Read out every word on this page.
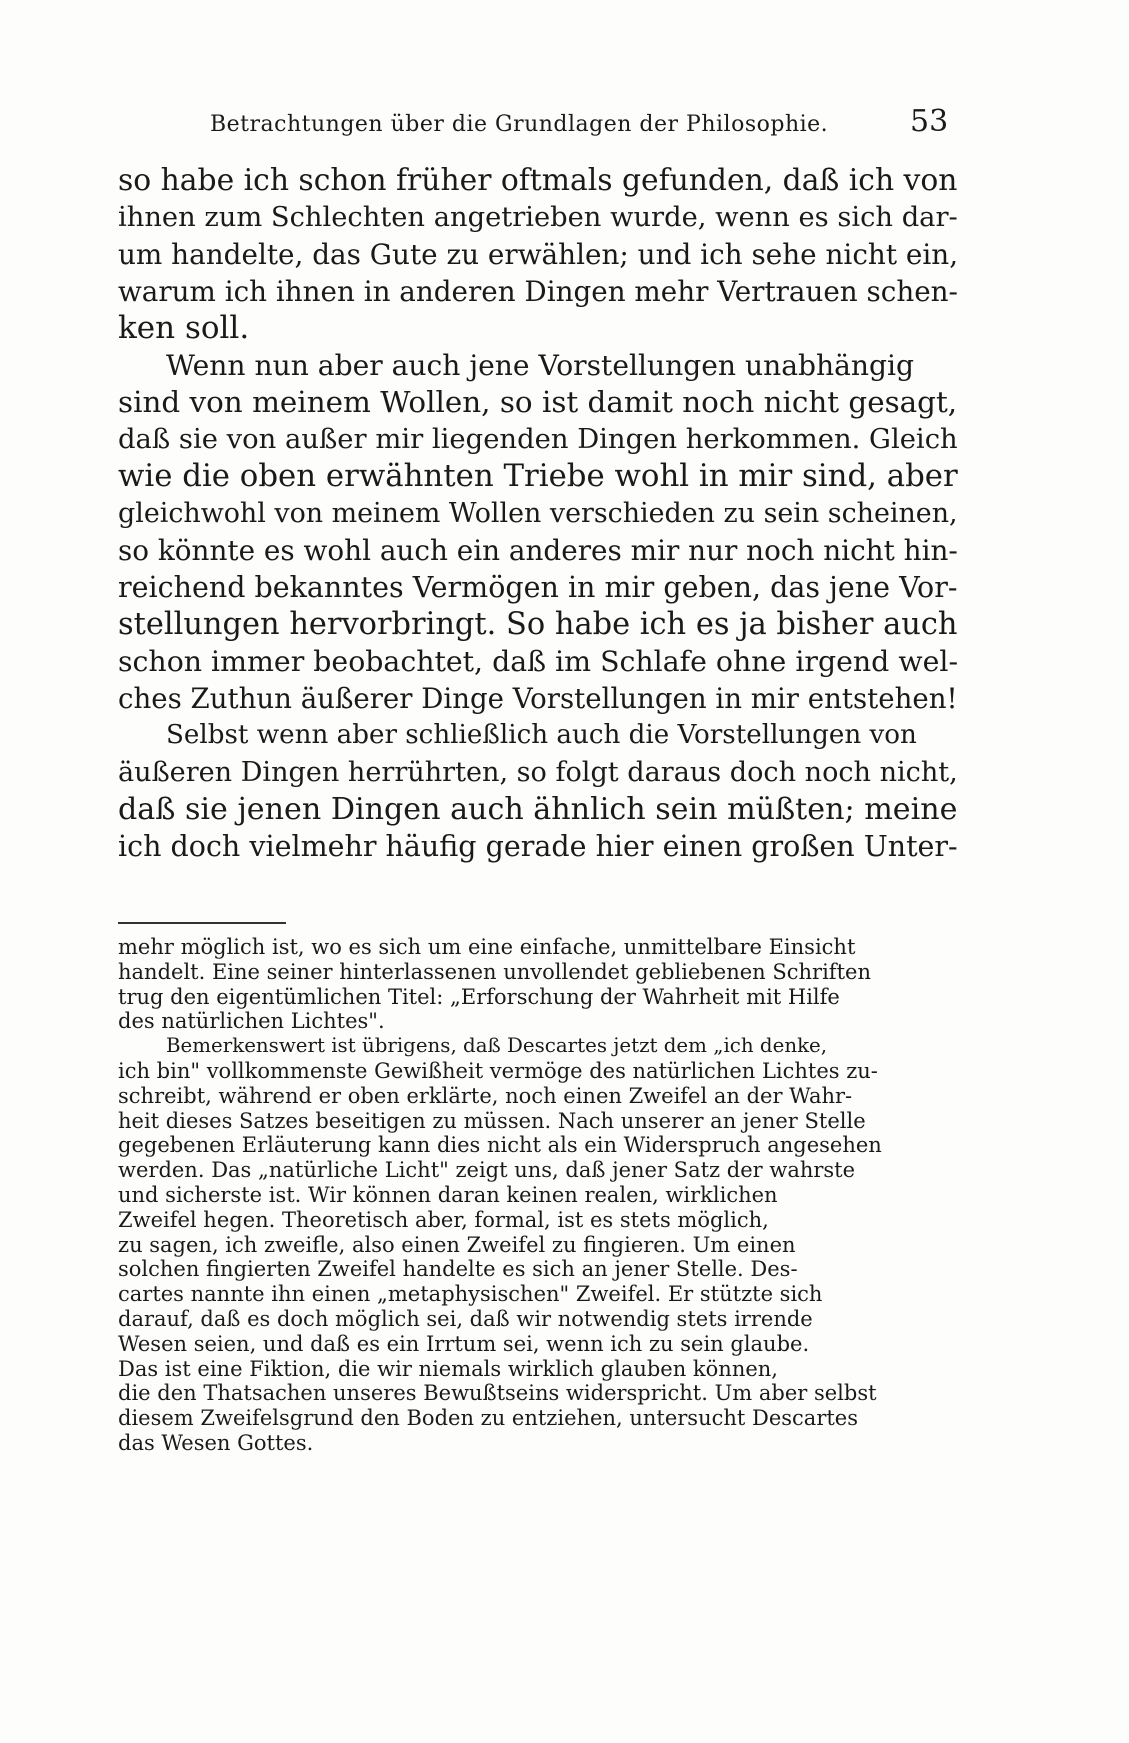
Betrachtungen über die Grundlagen der Philosophie.	53
so habe ich schon früher oftmals gefunden, daß ich von
ihnen zum Schlechten angetrieben wurde, wenn es sich dar-
um handelte, das Gute zu erwählen; und ich sehe nicht ein,
warum ich ihnen in anderen Dingen mehr Vertrauen schen-
ken soll.
Wenn nun aber auch jene Vorstellungen unabhängig
sind von meinem Wollen, so ist damit noch nicht gesagt,
daß sie von außer mir liegenden Dingen herkommen. Gleich
wie die oben erwähnten Triebe wohl in mir sind, aber
gleichwohl von meinem Wollen verschieden zu sein scheinen,
so könnte es wohl auch ein anderes mir nur noch nicht hin-
reichend bekanntes Vermögen in mir geben, das jene Vor-
stellungen hervorbringt. So habe ich es ja bisher auch
schon immer beobachtet, daß im Schlafe ohne irgend wel-
ches Zuthun äußerer Dinge Vorstellungen in mir entstehen!
Selbst wenn aber schließlich auch die Vorstellungen von
äußeren Dingen herrührten, so folgt daraus doch noch nicht,
daß sie jenen Dingen auch ähnlich sein müßten; meine
ich doch vielmehr häufig gerade hier einen großen Unter-
mehr möglich ist, wo es sich um eine einfache, unmittelbare Einsicht
handelt. Eine seiner hinterlassenen unvollendet gebliebenen Schriften
trug den eigentümlichen Titel: „Erforschung der Wahrheit mit Hilfe
des natürlichen Lichtes".
Bemerkenswert ist übrigens, daß Descartes jetzt dem „ich denke,
ich bin" vollkommenste Gewißheit vermöge des natürlichen Lichtes zu-
schreibt, während er oben erklärte, noch einen Zweifel an der Wahr-
heit dieses Satzes beseitigen zu müssen. Nach unserer an jener Stelle
gegebenen Erläuterung kann dies nicht als ein Widerspruch angesehen
werden. Das „natürliche Licht" zeigt uns, daß jener Satz der wahrste
und sicherste ist. Wir können daran keinen realen, wirklichen
Zweifel hegen. Theoretisch aber, formal, ist es stets möglich,
zu sagen, ich zweifle, also einen Zweifel zu fingieren. Um einen
solchen fingierten Zweifel handelte es sich an jener Stelle. Des-
cartes nannte ihn einen „metaphysischen" Zweifel. Er stützte sich
darauf, daß es doch möglich sei, daß wir notwendig stets irrende
Wesen seien, und daß es ein Irrtum sei, wenn ich zu sein glaube.
Das ist eine Fiktion, die wir niemals wirklich glauben können,
die den Thatsachen unseres Bewußtseins widerspricht. Um aber selbst
diesem Zweifelsgrund den Boden zu entziehen, untersucht Descartes
das Wesen Gottes.
